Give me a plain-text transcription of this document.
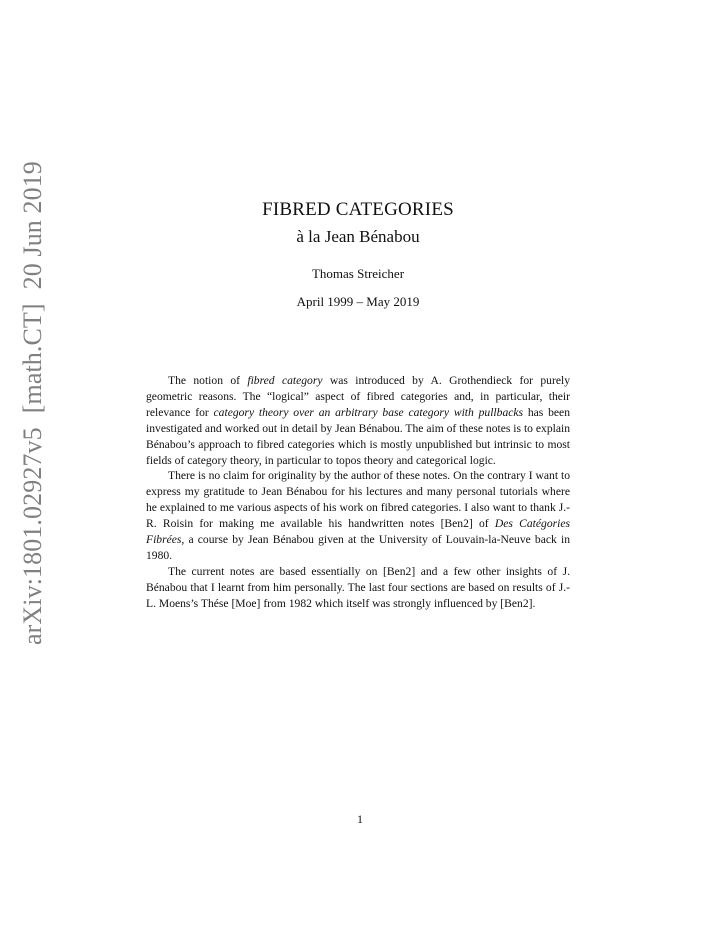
arXiv:1801.02927v5[math.CT]20 Jun 2019	FIBRED CATEGORIES
à la Jean Bénabou
Thomas Streicher
April 1999 – May 2019

The notion of fibred category was introduced by A. Grothendieck for purely geometric reasons. The “logical” aspect of fibred categories and, in particular, their relevance for category theory over an arbitrary base category with pullbacks has been investigated and worked out in detail by Jean Bénabou. The aim of these notes is to explain Bénabou’s approach to fibred categories which is mostly unpublished but intrinsic to most fields of category theory, in particular to topos theory and categorical logic.

There is no claim for originality by the author of these notes. On the contrary I want to express my gratitude to Jean Bénabou for his lectures and many personal tutorials where he explained to me various aspects of his work on fibred categories. I also want to thank J.-R. Roisin for making me available his handwritten notes [Ben2] of Des Catégories Fibrées, a course by Jean Bénabou given at the University of Louvain-la-Neuve back in 1980.

The current notes are based essentially on [Ben2] and a few other insights of J. Bénabou that I learnt from him personally. The last four sections are based on results of J.-L. Moens’s Thése [Moe] from 1982 which itself was strongly influenced by [Ben2].

1
